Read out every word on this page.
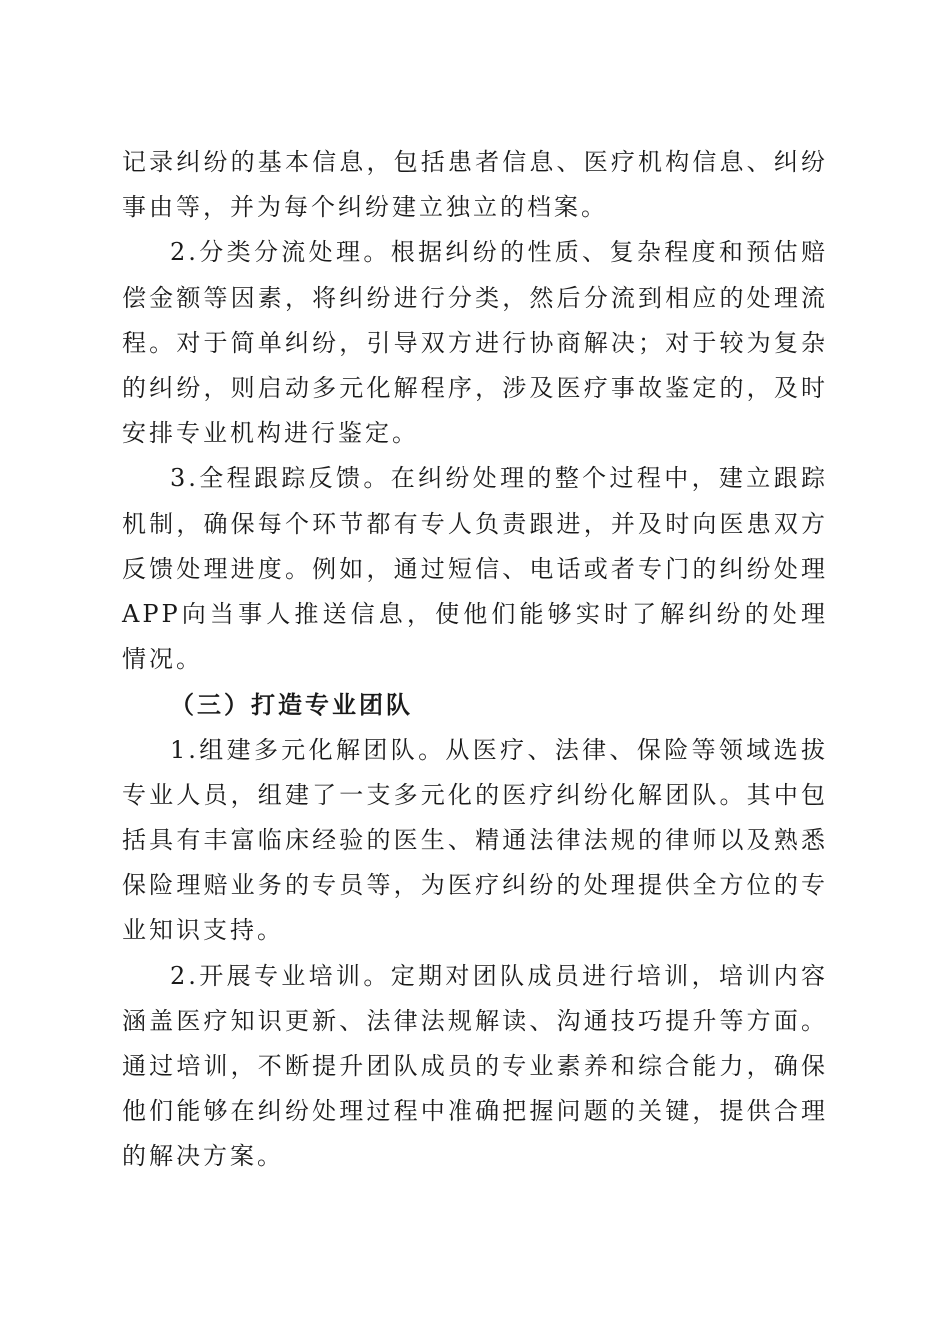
记录纠纷的基本信息，包括患者信息、医疗机构信息、纠纷事由等，并为每个纠纷建立独立的档案。

2.分类分流处理。根据纠纷的性质、复杂程度和预估赔偿金额等因素，将纠纷进行分类，然后分流到相应的处理流程。对于简单纠纷，引导双方进行协商解决；对于较为复杂的纠纷，则启动多元化解程序，涉及医疗事故鉴定的，及时安排专业机构进行鉴定。

3.全程跟踪反馈。在纠纷处理的整个过程中，建立跟踪机制，确保每个环节都有专人负责跟进，并及时向医患双方反馈处理进度。例如，通过短信、电话或者专门的纠纷处理APP向当事人推送信息，使他们能够实时了解纠纷的处理情况。

（三）打造专业团队

1.组建多元化解团队。从医疗、法律、保险等领域选拔专业人员，组建了一支多元化的医疗纠纷化解团队。其中包括具有丰富临床经验的医生、精通法律法规的律师以及熟悉保险理赔业务的专员等，为医疗纠纷的处理提供全方位的专业知识支持。

2.开展专业培训。定期对团队成员进行培训，培训内容涵盖医疗知识更新、法律法规解读、沟通技巧提升等方面。通过培训，不断提升团队成员的专业素养和综合能力，确保他们能够在纠纷处理过程中准确把握问题的关键，提供合理的解决方案。
